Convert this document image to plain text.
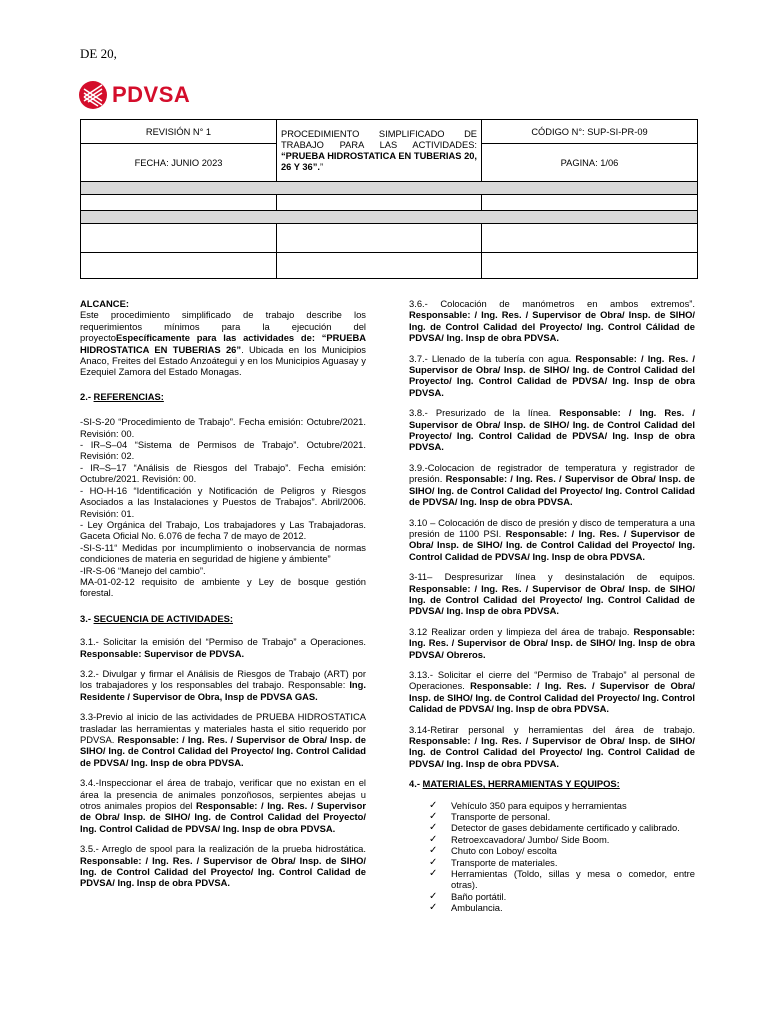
DE 20,
PDVSA
REVISIÓN N° 1	PROCEDIMIENTO SIMPLIFICADO DE TRABAJO PARA LAS ACTIVIDADES: “PRUEBA HIDROSTATICA EN TUBERIAS 20, 26 Y 36”.”	CÓDIGO N°: SUP-SI-PR-09
FECHA: JUNIO 2023		PAGINA: 1/06

ALCANCE:

Este procedimiento simplificado de trabajo describe los requerimientos mínimos para la ejecución del proyectoEspecíficamente para las actividades de: “PRUEBA HIDROSTATICA EN TUBERIAS 26”. Ubicada en los Municipios Anaco, Freites del Estado Anzoátegui y en los Municipios Aguasay y Ezequiel Zamora del Estado Monagas.

2.- REFERENCIAS:

-SI-S-20 “Procedimiento de Trabajo”. Fecha emisión: Octubre/2021. Revisión: 00.

- IR–S–04 “Sistema de Permisos de Trabajo”. Octubre/2021. Revisión: 02.

- IR–S–17 “Análisis de Riesgos del Trabajo”. Fecha emisión: Octubre/2021. Revisión: 00.

- HO-H-16 “Identificación y Notificación de Peligros y Riesgos Asociados a las Instalaciones y Puestos de Trabajos”. Abril/2006. Revisión: 01.

- Ley Orgánica del Trabajo, Los trabajadores y Las Trabajadoras. Gaceta Oficial No. 6.076 de fecha 7 de mayo de 2012.

-SI-S-11“ Medidas por incumplimiento o inobservancia de normas condiciones de materia en seguridad de higiene y ámbiente”

-IR-S-06 “Manejo del cambio”.

MA-01-02-12 requisito de ambiente y Ley de bosque gestión forestal.

3.- SECUENCIA DE ACTIVIDADES:

3.1.- Solicitar la emisión del “Permiso de Trabajo” a Operaciones. Responsable: Supervisor de PDVSA.

3.2.- Divulgar y firmar el Análisis de Riesgos de Trabajo (ART) por los trabajadores y los responsables del trabajo. Responsable: Ing. Residente / Supervisor de Obra, Insp de PDVSA GAS.

3.3-Previo al inicio de las actividades de PRUEBA HIDROSTATICA trasladar las herramientas y materiales hasta el sitio requerido por PDVSA. Responsable: / Ing. Res. / Supervisor de Obra/ Insp. de SIHO/ Ing. de Control Calidad del Proyecto/ Ing. Control Calidad de PDVSA/ Ing. Insp de obra PDVSA.

3.4.-Inspeccionar el área de trabajo, verificar que no existan en el área la presencia de animales ponzoñosos, serpientes abejas u otros animales propios del Responsable: / Ing. Res. / Supervisor de Obra/ Insp. de SIHO/ Ing. de Control Calidad del Proyecto/ Ing. Control Calidad de PDVSA/ Ing. Insp de obra PDVSA.

3.5.- Arreglo de spool para la realización de la prueba hidrostática. Responsable: / Ing. Res. / Supervisor de Obra/ Insp. de SIHO/ Ing. de Control Calidad del Proyecto/ Ing. Control Calidad de PDVSA/ Ing. Insp de obra PDVSA.

3.6.- Colocación de manómetros en ambos extremos”. Responsable: / Ing. Res. / Supervisor de Obra/ Insp. de SIHO/ Ing. de Control Calidad del Proyecto/ Ing. Control Cálidad de PDVSA/ Ing. Insp de obra PDVSA.

3.7.- Llenado de la tubería con agua. Responsable: / Ing. Res. / Supervisor de Obra/ Insp. de SIHO/ Ing. de Control Calidad del Proyecto/ Ing. Control Calidad de PDVSA/ Ing. Insp de obra PDVSA.

3.8.- Presurizado de la línea. Responsable: / Ing. Res. / Supervisor de Obra/ Insp. de SIHO/ Ing. de Control Calidad del Proyecto/ Ing. Control Calidad de PDVSA/ Ing. Insp de obra PDVSA.

3.9.-Colocacion de registrador de temperatura y registrador de presión. Responsable: / Ing. Res. / Supervisor de Obra/ Insp. de SIHO/ Ing. de Control Calidad del Proyecto/ Ing. Control Calidad de PDVSA/ Ing. Insp de obra PDVSA.

3.10 – Colocación de disco de presión y disco de temperatura a una presión de 1100 PSI. Responsable: / Ing. Res. / Supervisor de Obra/ Insp. de SIHO/ Ing. de Control Calidad del Proyecto/ Ing. Control Calidad de PDVSA/ Ing. Insp de obra PDVSA.

3-11– Despresurizar línea y desinstalación de equipos. Responsable: / Ing. Res. / Supervisor de Obra/ Insp. de SIHO/ Ing. de Control Calidad del Proyecto/ Ing. Control Calidad de PDVSA/ Ing. Insp de obra PDVSA.

3.12 Realizar orden y limpieza del área de trabajo. Responsable: Ing. Res. / Supervisor de Obra/ Insp. de SIHO/ Ing. Insp de obra PDVSA/ Obreros.

3.13.- Solicitar el cierre del “Permiso de Trabajo” al personal de Operaciones. Responsable: / Ing. Res. / Supervisor de Obra/ Insp. de SIHO/ Ing. de Control Calidad del Proyecto/ Ing. Control Calidad de PDVSA/ Ing. Insp de obra PDVSA.

3.14-Retirar personal y herramientas del área de trabajo. Responsable: / Ing. Res. / Supervisor de Obra/ Insp. de SIHO/ Ing. de Control Calidad del Proyecto/ Ing. Control Calidad de PDVSA/ Ing. Insp de obra PDVSA.

4.- MATERIALES, HERRAMIENTAS Y EQUIPOS:
✓ Vehículo 350 para equipos y herramientas
✓ Transporte de personal.
✓ Detector de gases debidamente certificado y calibrado.
✓ Retroexcavadora/ Jumbo/ Side Boom.
✓ Chuto con Loboy/ escolta
✓ Transporte de materiales.
✓ Herramientas (Toldo, sillas y mesa o comedor, entre otras).
✓ Baño portátil.
✓ Ambulancia.
